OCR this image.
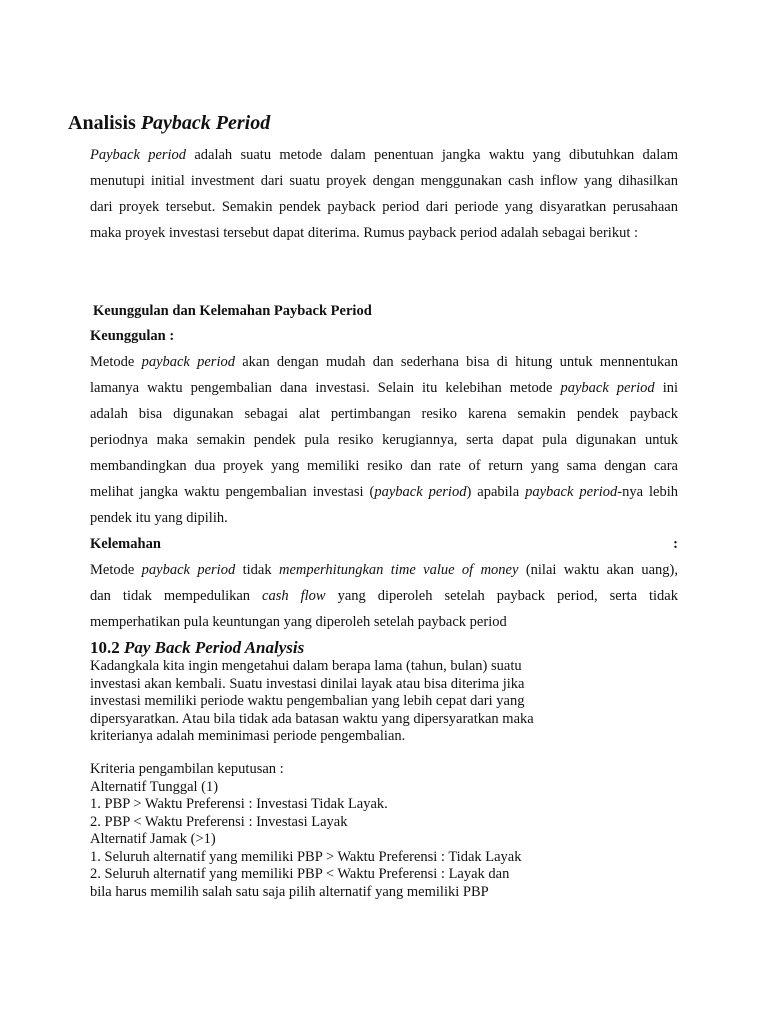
Analisis Payback Period
Payback period adalah suatu metode dalam penentuan jangka waktu yang dibutuhkan dalam
menutupi initial investment dari suatu proyek dengan menggunakan cash inflow yang dihasilkan
dari proyek tersebut. Semakin pendek payback period dari periode yang disyaratkan perusahaan
maka proyek investasi tersebut dapat diterima. Rumus payback period adalah sebagai berikut :
Keunggulan dan Kelemahan Payback Period
Keunggulan :
Metode payback period akan dengan mudah dan sederhana bisa di hitung untuk mennentukan
lamanya waktu pengembalian dana investasi. Selain itu kelebihan metode payback period ini
adalah bisa digunakan sebagai alat pertimbangan resiko karena semakin pendek payback
periodnya maka semakin pendek pula resiko kerugiannya, serta dapat pula digunakan untuk
membandingkan dua proyek yang memiliki resiko dan rate of return yang sama dengan cara
melihat jangka waktu pengembalian investasi (payback period) apabila payback period-nya lebih
pendek itu yang dipilih.
Kelemahan	:
Metode payback period tidak memperhitungkan time value of money (nilai waktu akan uang),
dan tidak mempedulikan cash flow yang diperoleh setelah payback period, serta tidak
memperhatikan pula keuntungan yang diperoleh setelah payback period
10.2 Pay Back Period Analysis
Kadangkala kita ingin mengetahui dalam berapa lama (tahun, bulan) suatu
investasi akan kembali. Suatu investasi dinilai layak atau bisa diterima jika
investasi memiliki periode waktu pengembalian yang lebih cepat dari yang
dipersyaratkan. Atau bila tidak ada batasan waktu yang dipersyaratkan maka
kriterianya adalah meminimasi periode pengembalian.
Kriteria pengambilan keputusan :
Alternatif Tunggal (1)
1. PBP > Waktu Preferensi : Investasi Tidak Layak.
2. PBP < Waktu Preferensi : Investasi Layak
Alternatif Jamak (>1)
1. Seluruh alternatif yang memiliki PBP > Waktu Preferensi : Tidak Layak
2. Seluruh alternatif yang memiliki PBP < Waktu Preferensi : Layak dan
bila harus memilih salah satu saja pilih alternatif yang memiliki PBP
